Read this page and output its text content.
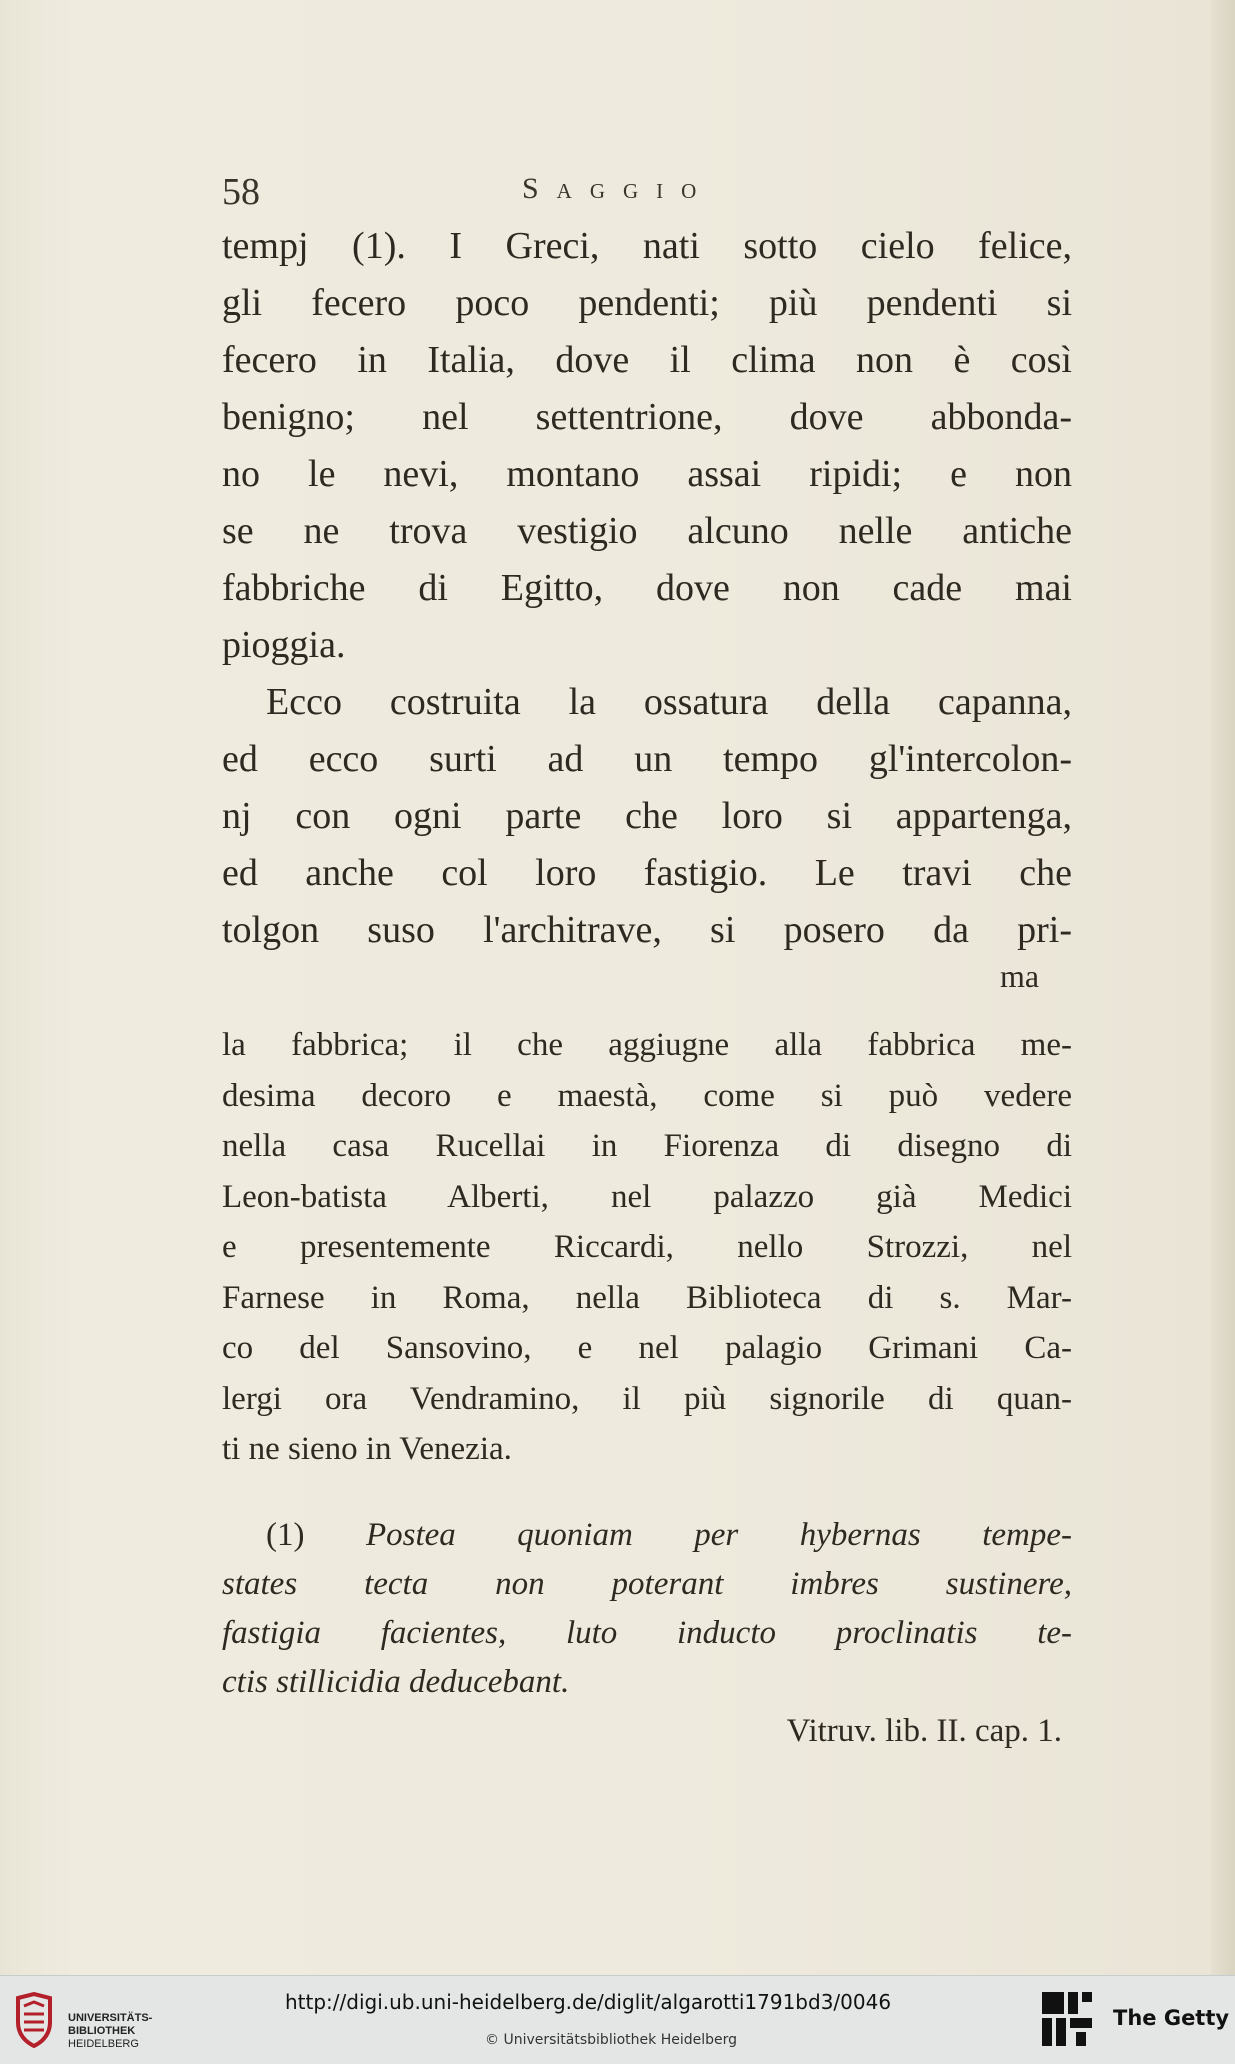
58	Saggio
tempj (1). I Greci, nati sotto cielo felice,
gli fecero poco pendenti; più pendenti si
fecero in Italia, dove il clima non è così
benigno; nel settentrione, dove abbonda-
no le nevi, montano assai ripidi; e non
se ne trova vestigio alcuno nelle antiche
fabbriche di Egitto, dove non cade mai
pioggia.
Ecco costruita la ossatura della capanna,
ed ecco surti ad un tempo gl'intercolon-
nj con ogni parte che loro si appartenga,
ed anche col loro fastigio. Le travi che
tolgon suso l'architrave, si posero da pri-
ma
la fabbrica; il che aggiugne alla fabbrica me-
desima decoro e maestà, come si può vedere
nella casa Rucellai in Fiorenza di disegno di
Leon-batista Alberti, nel palazzo già Medici
e presentemente Riccardi, nello Strozzi, nel
Farnese in Roma, nella Biblioteca di s. Mar-
co del Sansovino, e nel palagio Grimani Ca-
lergi ora Vendramino, il più signorile di quan-
ti ne sieno in Venezia.
(1) Postea quoniam per hybernas tempe-
states tecta non poterant imbres sustinere,
fastigia facientes, luto inducto proclinatis te-
ctis stillicidia deducebant.
Vitruv. lib. II. cap. 1.
UNIVERSITÄTS-
BIBLIOTHEK
HEIDELBERG
http://digi.ub.uni-heidelberg.de/diglit/algarotti1791bd3/0046
© Universitätsbibliothek Heidelberg
The Getty
